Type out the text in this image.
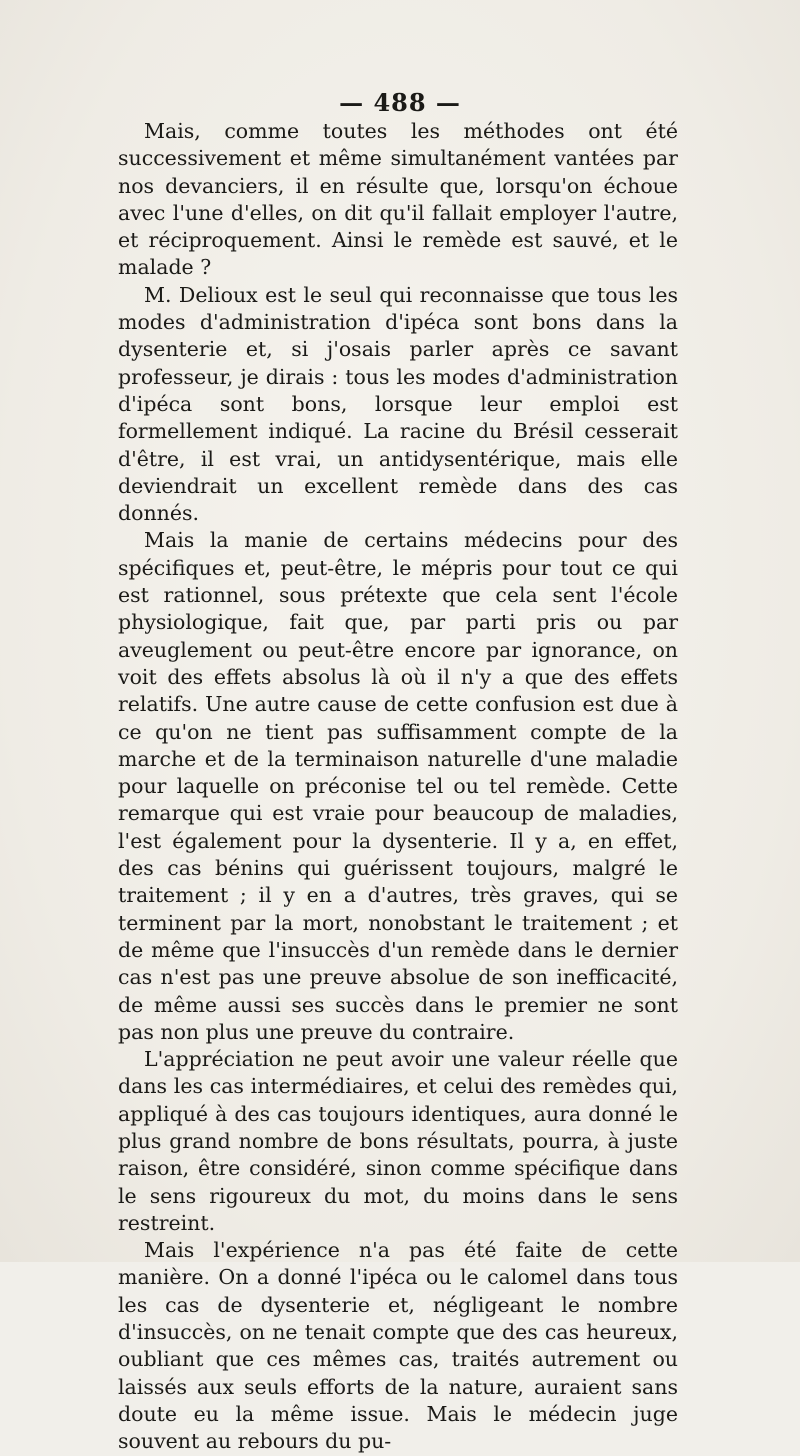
— 488 —

Mais, comme toutes les méthodes ont été successivement et même simultanément vantées par nos devanciers, il en résulte que, lorsqu'on échoue avec l'une d'elles, on dit qu'il fallait employer l'autre, et réciproquement. Ainsi le remède est sauvé, et le malade ?

M. Delioux est le seul qui reconnaisse que tous les modes d'administration d'ipéca sont bons dans la dysenterie et, si j'osais parler après ce savant professeur, je dirais : tous les modes d'administration d'ipéca sont bons, lorsque leur emploi est formellement indiqué. La racine du Brésil cesserait d'être, il est vrai, un antidysentérique, mais elle deviendrait un excellent remède dans des cas donnés.

Mais la manie de certains médecins pour des spécifiques et, peut-être, le mépris pour tout ce qui est rationnel, sous prétexte que cela sent l'école physiologique, fait que, par parti pris ou par aveuglement ou peut-être encore par ignorance, on voit des effets absolus là où il n'y a que des effets relatifs. Une autre cause de cette confusion est due à ce qu'on ne tient pas suffisamment compte de la marche et de la terminaison naturelle d'une maladie pour laquelle on préconise tel ou tel remède. Cette remarque qui est vraie pour beaucoup de maladies, l'est également pour la dysenterie. Il y a, en effet, des cas bénins qui guérissent toujours, malgré le traitement ; il y en a d'autres, très graves, qui se terminent par la mort, nonobstant le traitement ; et de même que l'insuccès d'un remède dans le dernier cas n'est pas une preuve absolue de son inefficacité, de même aussi ses succès dans le premier ne sont pas non plus une preuve du contraire.

L'appréciation ne peut avoir une valeur réelle que dans les cas intermédiaires, et celui des remèdes qui, appliqué à des cas toujours identiques, aura donné le plus grand nombre de bons résultats, pourra, à juste raison, être considéré, sinon comme spécifique dans le sens rigoureux du mot, du moins dans le sens restreint.

Mais l'expérience n'a pas été faite de cette manière. On a donné l'ipéca ou le calomel dans tous les cas de dysenterie et, négligeant le nombre d'insuccès, on ne tenait compte que des cas heureux, oubliant que ces mêmes cas, traités autrement ou laissés aux seuls efforts de la nature, auraient sans doute eu la même issue. Mais le médecin juge souvent au rebours du pu-
